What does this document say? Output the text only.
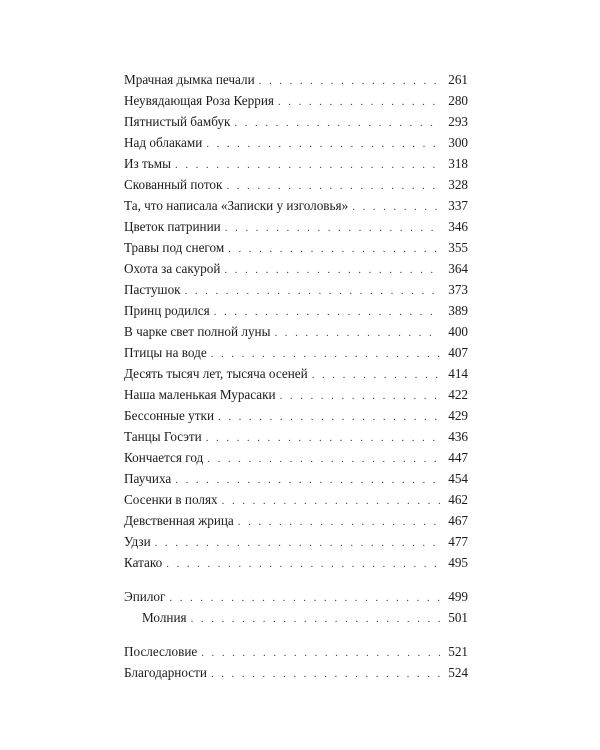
Мрачная дымка печали . . .	261
Неувядающая Роза Керрия . . .	280
Пятнистый бамбук . . .	293
Над облаками . . .	300
Из тьмы . . .	318
Скованный поток . . .	328
Та, что написала «Записки у изголовья» . . .	337
Цветок патринии . . .	346
Травы под снегом . . .	355
Охота за сакурой . . .	364
Пастушок . . .	373
Принц родился . . .	389
В чарке свет полной луны . . .	400
Птицы на воде . . .	407
Десять тысяч лет, тысяча осеней . . .	414
Наша маленькая Мурасаки . . .	422
Бессонные утки . . .	429
Танцы Госэти . . .	436
Кончается год . . .	447
Паучиха . . .	454
Сосенки в полях . . .	462
Девственная жрица . . .	467
Удзи . . .	477
Катако . . .	495
Эпилог . . .	499
Молния . . .	501
Послесловие . . .	521
Благодарности . . .	524
